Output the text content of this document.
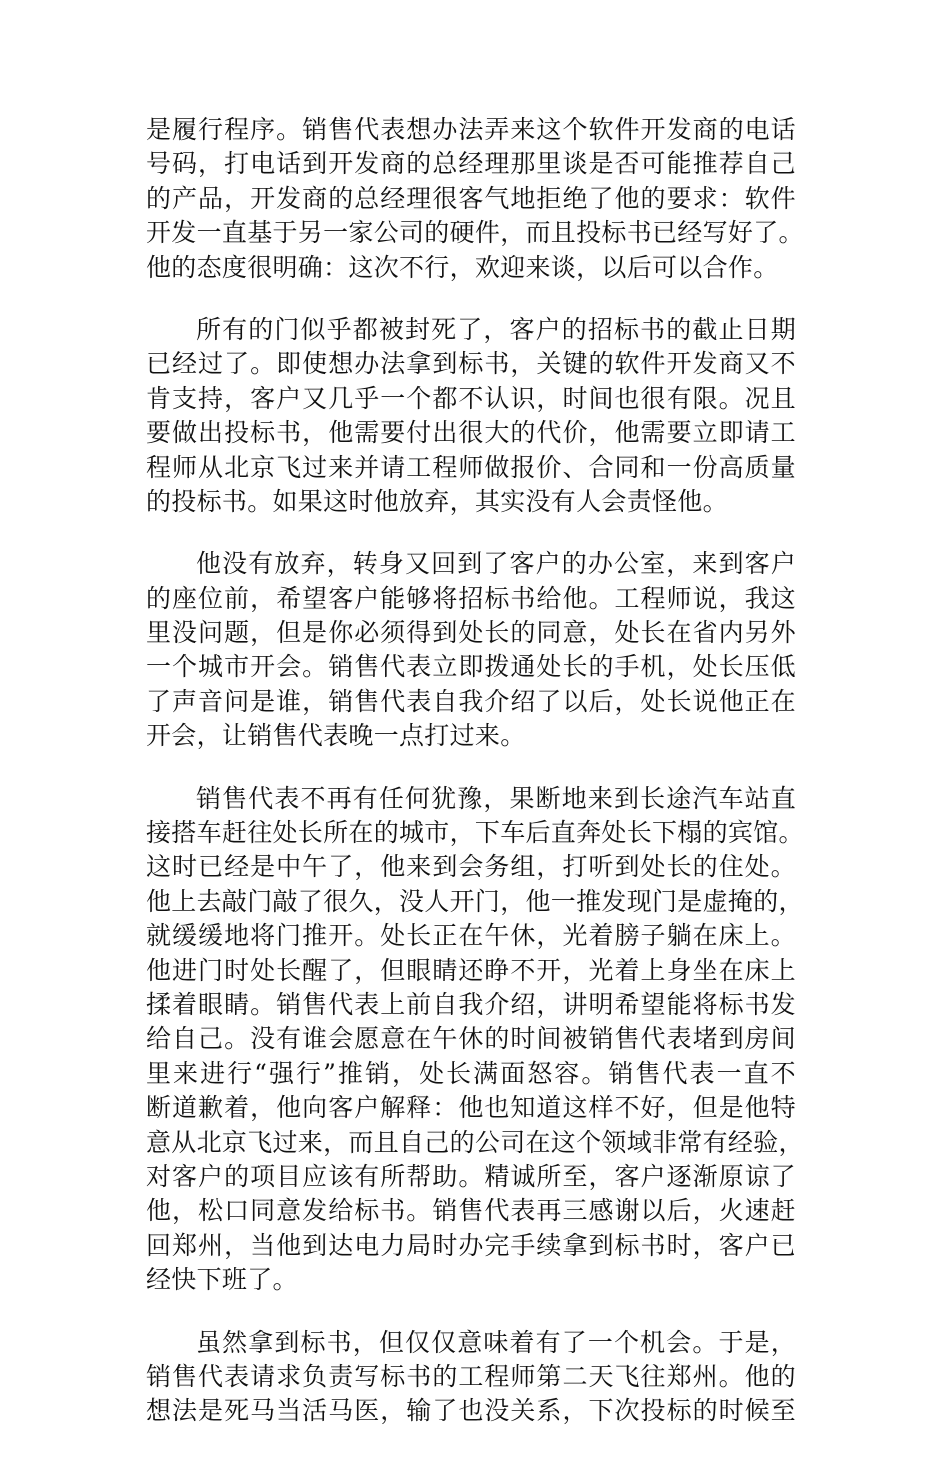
是履行程序。销售代表想办法弄来这个软件开发商的电话
号码，打电话到开发商的总经理那里谈是否可能推荐自己
的产品，开发商的总经理很客气地拒绝了他的要求：软件
开发一直基于另一家公司的硬件，而且投标书已经写好了。
他的态度很明确：这次不行，欢迎来谈，以后可以合作。
所有的门似乎都被封死了，客户的招标书的截止日期
已经过了。即使想办法拿到标书，关键的软件开发商又不
肯支持，客户又几乎一个都不认识，时间也很有限。况且
要做出投标书，他需要付出很大的代价，他需要立即请工
程师从北京飞过来并请工程师做报价、合同和一份高质量
的投标书。如果这时他放弃，其实没有人会责怪他。
他没有放弃，转身又回到了客户的办公室，来到客户
的座位前，希望客户能够将招标书给他。工程师说，我这
里没问题，但是你必须得到处长的同意，处长在省内另外
一个城市开会。销售代表立即拨通处长的手机，处长压低
了声音问是谁，销售代表自我介绍了以后，处长说他正在
开会，让销售代表晚一点打过来。
销售代表不再有任何犹豫，果断地来到长途汽车站直
接搭车赶往处长所在的城市，下车后直奔处长下榻的宾馆。
这时已经是中午了，他来到会务组，打听到处长的住处。
他上去敲门敲了很久，没人开门，他一推发现门是虚掩的，
就缓缓地将门推开。处长正在午休，光着膀子躺在床上。
他进门时处长醒了，但眼睛还睁不开，光着上身坐在床上
揉着眼睛。销售代表上前自我介绍，讲明希望能将标书发
给自己。没有谁会愿意在午休的时间被销售代表堵到房间
里来进行“强行”推销，处长满面怒容。销售代表一直不
断道歉着，他向客户解释：他也知道这样不好，但是他特
意从北京飞过来，而且自己的公司在这个领域非常有经验，
对客户的项目应该有所帮助。精诚所至，客户逐渐原谅了
他，松口同意发给标书。销售代表再三感谢以后，火速赶
回郑州，当他到达电力局时办完手续拿到标书时，客户已
经快下班了。
虽然拿到标书，但仅仅意味着有了一个机会。于是，
销售代表请求负责写标书的工程师第二天飞往郑州。他的
想法是死马当活马医，输了也没关系，下次投标的时候至
